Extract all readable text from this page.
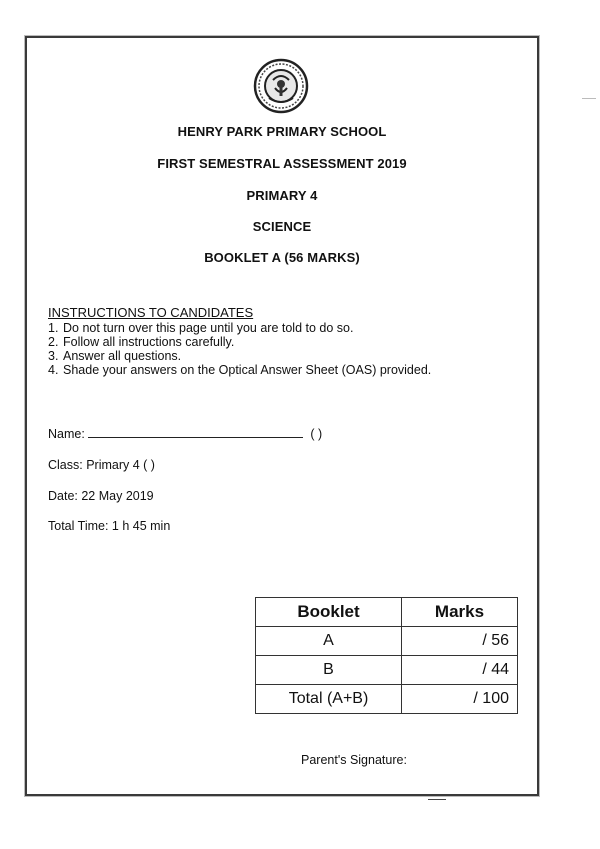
HENRY PARK PRIMARY SCHOOL
FIRST SEMESTRAL ASSESSMENT 2019
PRIMARY 4
SCIENCE
BOOKLET A (56 MARKS)
INSTRUCTIONS TO CANDIDATES
1. Do not turn over this page until you are told to do so.
2. Follow all instructions carefully.
3. Answer all questions.
4. Shade your answers on the Optical Answer Sheet (OAS) provided.
Name:	( )
Class: Primary 4 ( )
Date: 22 May 2019
Total Time: 1 h 45 min
Booklet	Marks
A	/ 56
B	/ 44
Total (A+B)	/ 100
Parent's Signature:
